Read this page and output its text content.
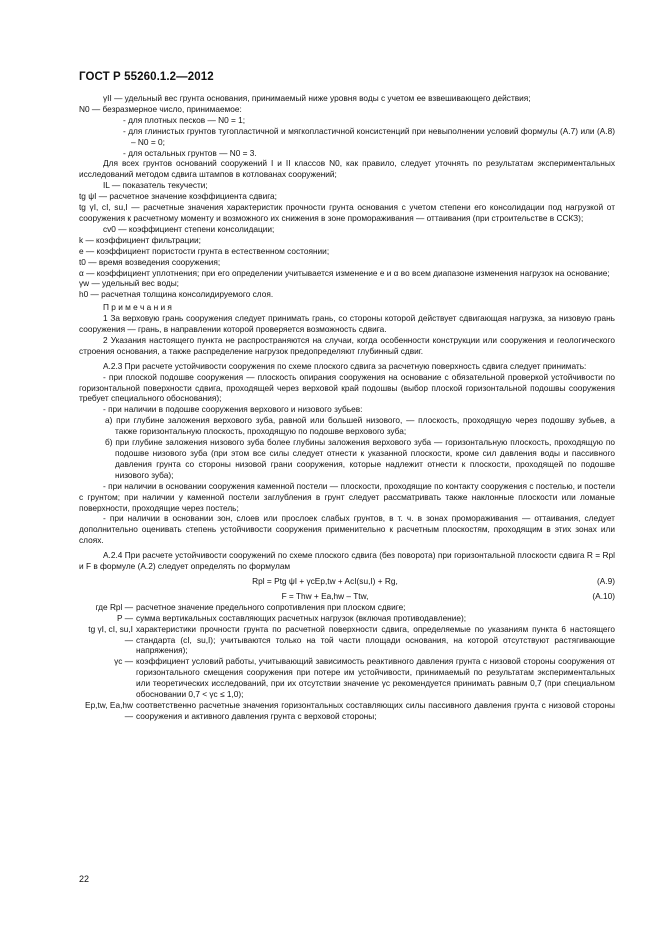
ГОСТ Р 55260.1.2—2012

γII — удельный вес грунта основания, принимаемый ниже уровня воды с учетом ее взвешивающего действия;

N0 — безразмерное число, принимаемое:

- для плотных песков — N0 = 1;

- для глинистых грунтов тугопластичной и мягкопластичной консистенций при невыполнении условий формулы (А.7) или (А.8) – N0 = 0;

- для остальных грунтов — N0 = 3.

Для всех грунтов оснований сооружений I и II классов N0, как правило, следует уточнять по результатам экспериментальных исследований методом сдвига штампов в котлованах сооружений;

IL — показатель текучести;

tg ψI — расчетное значение коэффициента сдвига;

tg γI, cI, su,I — расчетные значения характеристик прочности грунта основания с учетом степени его консолидации под нагрузкой от сооружения к расчетному моменту и возможного их снижения в зоне промораживания — оттаивания (при строительстве в ССКЗ);

cv0 — коэффициент степени консолидации;

k — коэффициент фильтрации;

e — коэффициент пористости грунта в естественном состоянии;

t0 — время возведения сооружения;

α — коэффициент уплотнения; при его определении учитывается изменение e и α во всем диапазоне изменения нагрузок на основание;

γw — удельный вес воды;

h0 — расчетная толщина консолидируемого слоя.

П р и м е ч а н и я

1 За верховую грань сооружения следует принимать грань, со стороны которой действует сдвигающая нагрузка, за низовую грань сооружения — грань, в направлении которой проверяется возможность сдвига.

2 Указания настоящего пункта не распространяются на случаи, когда особенности конструкции или сооружения и геологического строения основания, а также распределение нагрузок предопределяют глубинный сдвиг.

А.2.3 При расчете устойчивости сооружения по схеме плоского сдвига за расчетную поверхность сдвига следует принимать:

- при плоской подошве сооружения — плоскость опирания сооружения на основание с обязательной проверкой устойчивости по горизонтальной поверхности сдвига, проходящей через верховой край подошвы (выбор плоской горизонтальной подошвы сооружения требует специального обоснования);

- при наличии в подошве сооружения верхового и низового зубьев:

а) при глубине заложения верхового зуба, равной или большей низового, — плоскость, проходящую через подошву зубьев, а также горизонтальную плоскость, проходящую по подошве верхового зуба;

б) при глубине заложения низового зуба более глубины заложения верхового зуба — горизонтальную плоскость, проходящую по подошве низового зуба (при этом все силы следует отнести к указанной плоскости, кроме сил давления воды и пассивного давления грунта со стороны низовой грани сооружения, которые надлежит отнести к плоскости, проходящей по подошве низового зуба);

- при наличии в основании сооружения каменной постели — плоскости, проходящие по контакту сооружения с постелью, и постели с грунтом; при наличии у каменной постели заглубления в грунт следует рассматривать также наклонные плоскости или ломаные поверхности, проходящие через постель;

- при наличии в основании зон, слоев или прослоек слабых грунтов, в т. ч. в зонах промораживания — оттаивания, следует дополнительно оценивать степень устойчивости сооружения применительно к расчетным плоскостям, проходящим в этих зонах или слоях.

А.2.4 При расчете устойчивости сооружений по схеме плоского сдвига (без поворота) при горизонтальной плоскости сдвига R = Rpl и F в формуле (А.2) следует определять по формулам

Rpl = Ptg ψI + γcEp,tw + AcI(su,I) + Rg,	(А.9)
F = Thw + Ea,hw – Ttw,	(А.10)
где Rpl — расчетное значение предельного сопротивления при плоском сдвиге;
P — сумма вертикальных составляющих расчетных нагрузок (включая противодавление);
tg γI, cI, su,I —
характеристики прочности грунта по расчетной поверхности сдвига, определяемые по указаниям пункта 6 настоящего стандарта (cI, su,I); учитываются только на той части площади основания, на которой отсутствуют растягивающие напряжения);
γc — коэффициент условий работы, учитывающий зависимость реактивного давления грунта с низовой стороны сооружения от горизонтального смещения сооружения при потере им устойчивости, принимаемый по результатам экспериментальных или теоретических исследований, при их отсутствии значение γc рекомендуется принимать равным 0,7 (при специальном обосновании 0,7 < γc ≤ 1,0);
Ep,tw, Ea,hw —
соответственно расчетные значения горизонтальных составляющих силы пассивного давления грунта с низовой стороны сооружения и активного давления грунта с верховой стороны;
22
